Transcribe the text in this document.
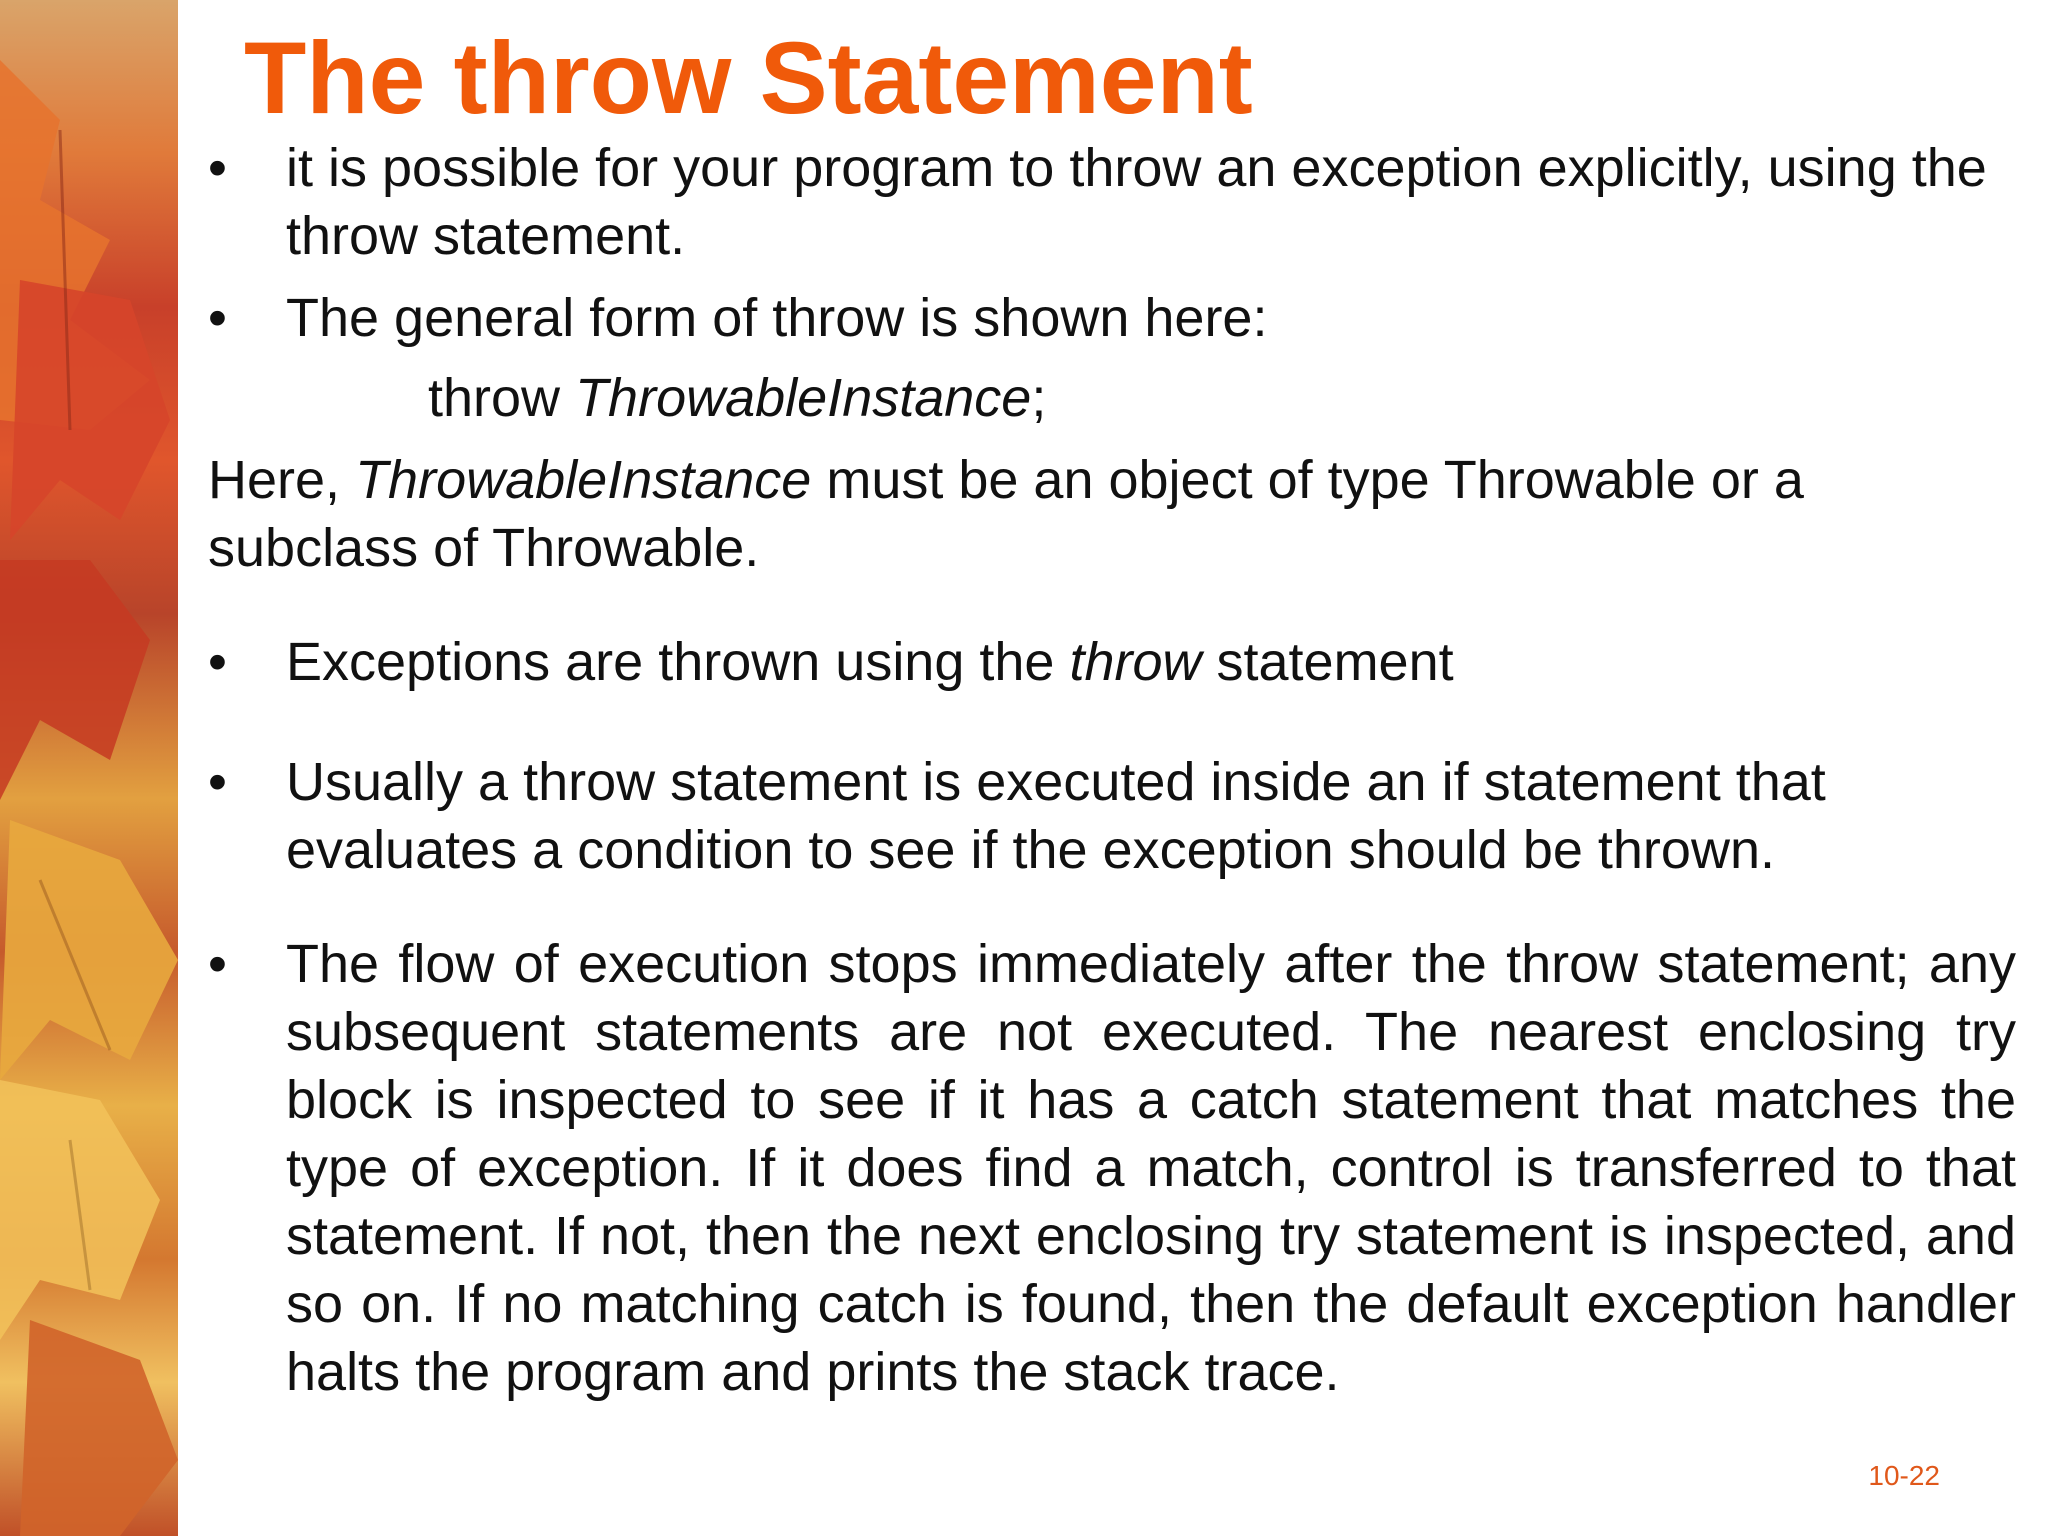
The throw Statement
•	it is possible for your program to throw an exception explicitly, using the throw statement.
•	The general form of throw is shown here:
throw ThrowableInstance;
Here, ThrowableInstance must be an object of type Throwable or a subclass of Throwable.
•	Exceptions are thrown using the throw statement
•	Usually a throw statement is executed inside an if statement that evaluates a condition to see if the exception should be thrown.
•	The flow of execution stops immediately after the throw statement; any subsequent statements are not executed. The nearest enclosing try block is inspected to see if it has a catch statement that matches the type of exception. If it does find a match, control is transferred to that statement. If not, then the next enclosing try statement is inspected, and so on. If no matching catch is found, then the default exception handler halts the program and prints the stack trace.
10-22
